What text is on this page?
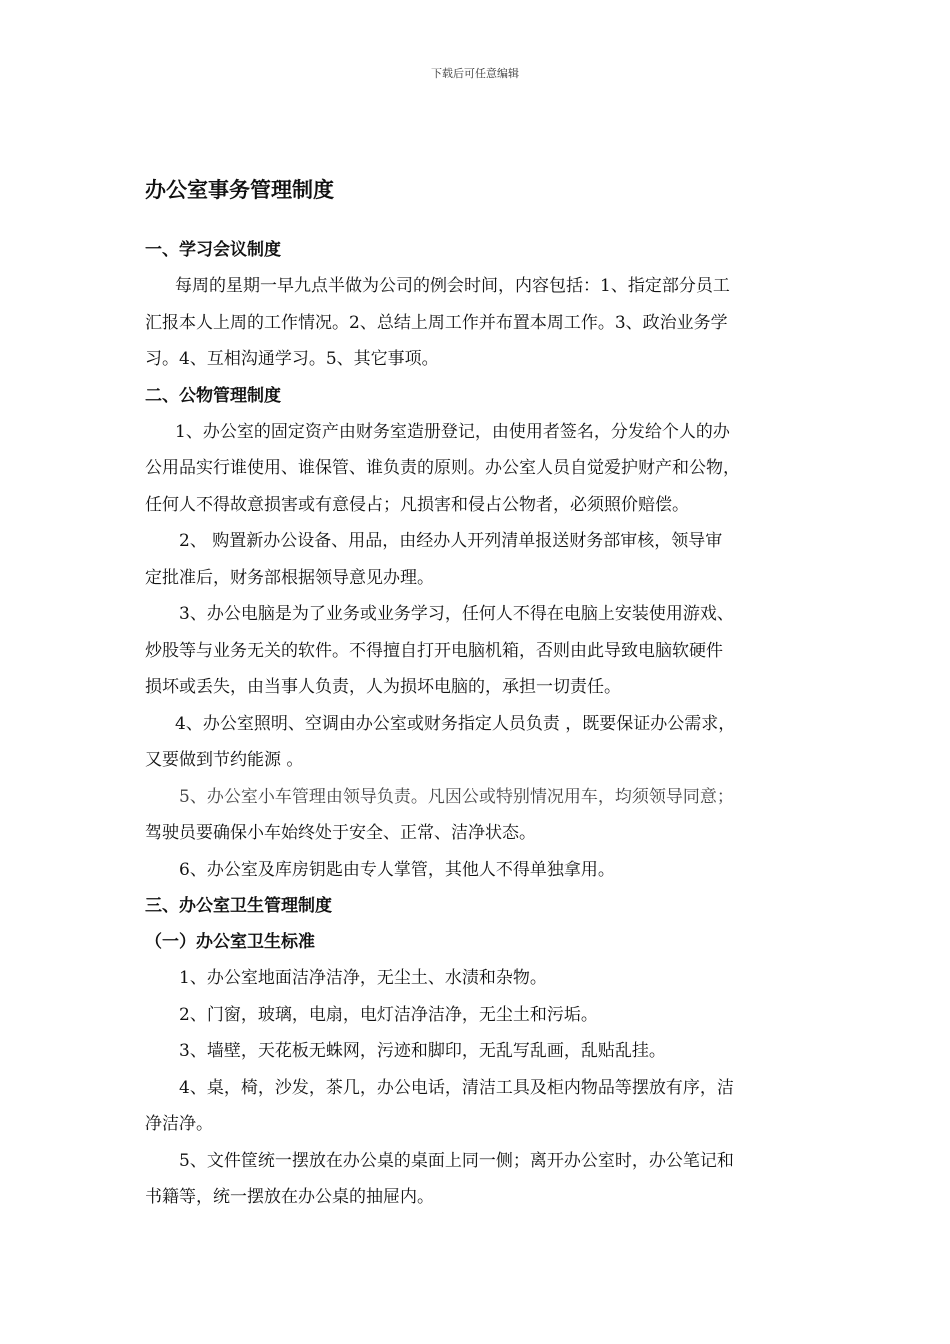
下载后可任意编辑
办公室事务管理制度
一、学习会议制度
每周的星期一早九点半做为公司的例会时间，内容包括：1、指定部分员工
汇报本人上周的工作情况。2、总结上周工作并布置本周工作。3、政治业务学
习。4、互相沟通学习。5、其它事项。
二、公物管理制度
1、办公室的固定资产由财务室造册登记，由使用者签名，分发给个人的办
公用品实行谁使用、谁保管、谁负责的原则。办公室人员自觉爱护财产和公物，
任何人不得故意损害或有意侵占；凡损害和侵占公物者，必须照价赔偿。
2、 购置新办公设备、用品，由经办人开列清单报送财务部审核，领导审
定批准后，财务部根据领导意见办理。
3、办公电脑是为了业务或业务学习，任何人不得在电脑上安装使用游戏、
炒股等与业务无关的软件。不得擅自打开电脑机箱，否则由此导致电脑软硬件
损坏或丢失，由当事人负责，人为损坏电脑的，承担一切责任。
4、办公室照明、空调由办公室或财务指定人员负责 ，既要保证办公需求，
又要做到节约能源 。
5、办公室小车管理由领导负责。凡因公或特别情况用车，均须领导同意；
驾驶员要确保小车始终处于安全、正常、洁净状态。
6、办公室及库房钥匙由专人掌管，其他人不得单独拿用。
三、办公室卫生管理制度
（一）办公室卫生标准
1、办公室地面洁净洁净，无尘土、水渍和杂物。
2、门窗，玻璃，电扇，电灯洁净洁净，无尘土和污垢。
3、墙壁，天花板无蛛网，污迹和脚印，无乱写乱画，乱贴乱挂。
4、桌，椅，沙发，茶几，办公电话，清洁工具及柜内物品等摆放有序，洁
净洁净。
5、文件筐统一摆放在办公桌的桌面上同一侧；离开办公室时，办公笔记和
书籍等，统一摆放在办公桌的抽屉内。
